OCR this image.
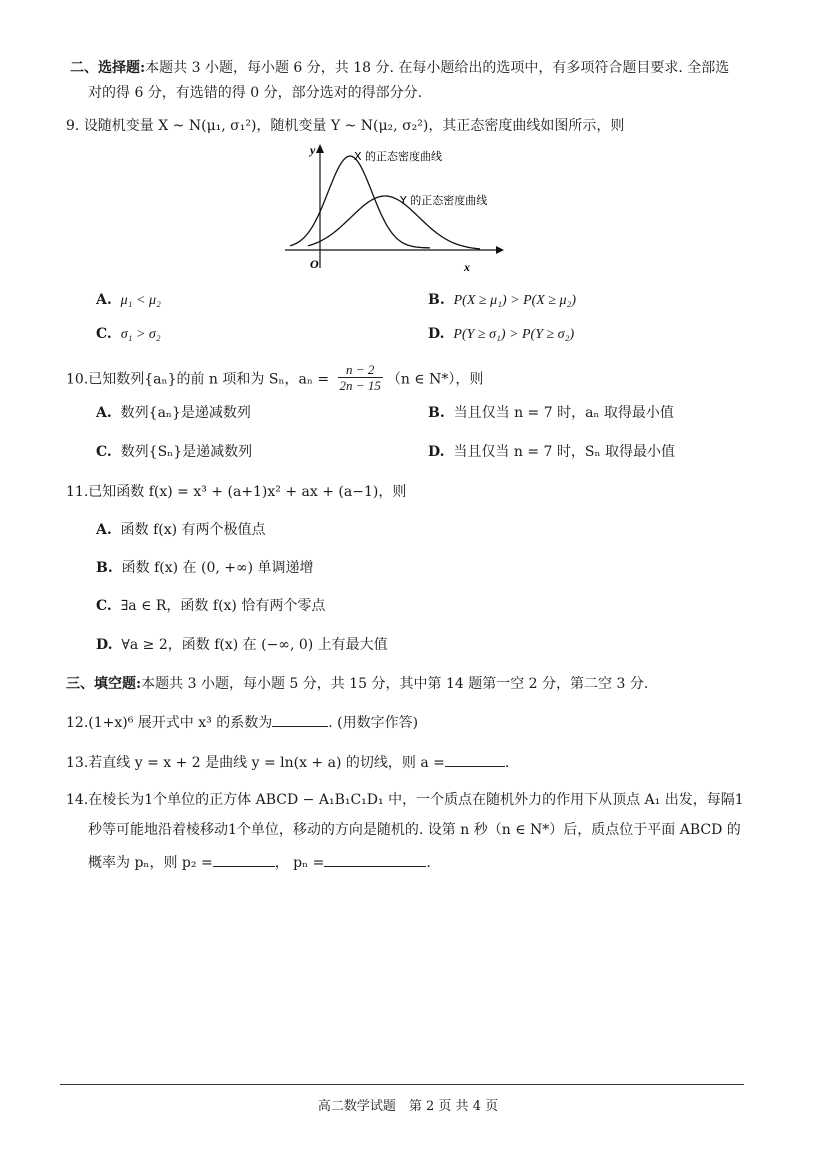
二、选择题:本题共 3 小题，每小题 6 分，共 18 分. 在每小题给出的选项中，有多项符合题目要求. 全部选
对的得 6 分，有选错的得 0 分，部分选对的得部分分.
9. 设随机变量 X ~ N(μ₁, σ₁²)，随机变量 Y ~ N(μ₂, σ₂²)，其正态密度曲线如图所示，则
y
O	x
X 的正态密度曲线
Y 的正态密度曲线
A. μ₁ < μ₂	B. P(X ≥ μ₁) > P(X ≥ μ₂)
C. σ₁ > σ₂	D. P(Y ≥ σ₁) > P(Y ≥ σ₂)
10.已知数列{aₙ}的前 n 项和为 Sₙ，$a_n = \frac{n - 2}{2n - 15} (n$ ∈ N*），则
A. 数列{aₙ}是递减数列	B. 当且仅当 n = 7 时，aₙ 取得最小值
C. 数列{Sₙ}是递减数列	D. 当且仅当 n = 7 时，Sₙ 取得最小值
11.已知函数 f(x) = x³ + (a+1)x² + ax + (a−1)，则
A. 函数 f(x) 有两个极值点
B. 函数 f(x) 在 (0, +∞) 单调递增
C. ∃a ∈ R，函数 f(x) 恰有两个零点
D. ∀a ≥ 2，函数 f(x) 在 (−∞, 0) 上有最大值
三、填空题:本题共 3 小题，每小题 5 分，共 15 分，其中第 14 题第一空 2 分，第二空 3 分.
12.(1+x)⁶ 展开式中 x³ 的系数为	. (用数字作答)
13.若直线 y = x + 2 是曲线 y = ln(x + a) 的切线，则 a =	.
14.在棱长为1个单位的正方体 ABCD − A₁B₁C₁D₁ 中，一个质点在随机外力的作用下从顶点 A₁ 出发，每隔1
秒等可能地沿着棱移动1个单位，移动的方向是随机的. 设第 n 秒（n ∈ N*）后，质点位于平面 ABCD 的
概率为 pₙ，则 p₂ =	， pₙ =	.
高二数学试题　第 2 页 共 4 页
